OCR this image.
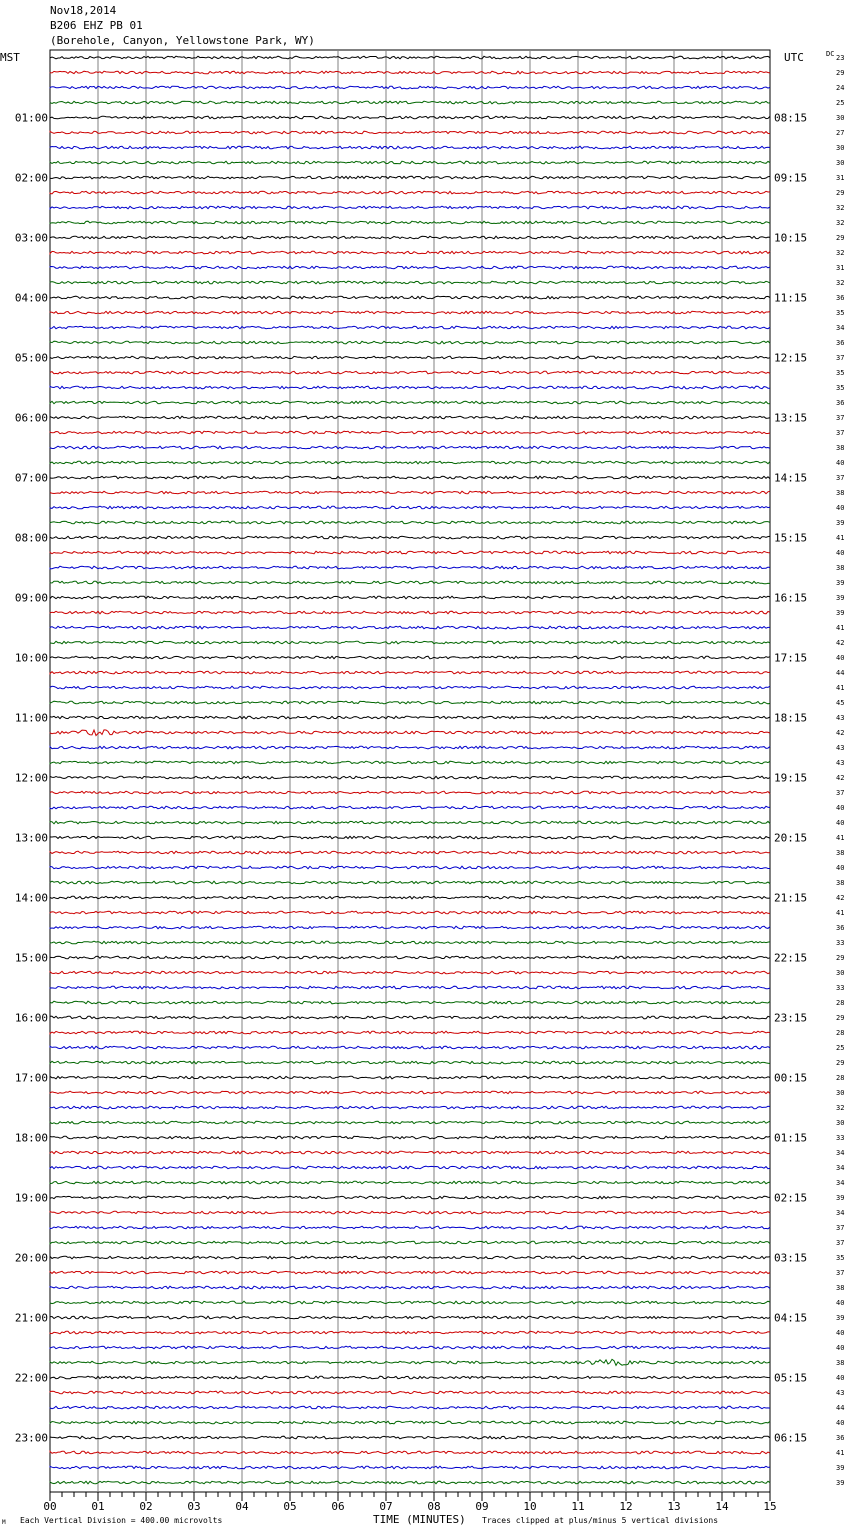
Nov18,2014
B206 EHZ PB 01
(Borehole, Canyon, Yellowstone Park, WY)
00	01	02	03	04	05	06	07	08	09	10	11	12	13	14	15
23
29
24
25
30
27
30
30
31
29
32
32
29
32
31
32
36
35
34
36
37
35
35
36
37
37
38
40
37
38
40
39
41
40
38
39
39
39
41
42
40
44
41
45
43
42
43
43
42
37
40
40
41
38
40
38
42
41
36
33
29
30
33
28
29
28
25
29
28
30
32
30
33
34
34
34
39
34
37
37
35
37
38
40
39
40
40
38
40
43
44
40
36
41
39
39
01:00
02:00
03:00
04:00
05:00
06:00
07:00
08:00
09:00
10:00
11:00
12:00
13:00
14:00
15:00
16:00
17:00
18:00
19:00
20:00
21:00
22:00
23:00
08:15
09:15
10:15
11:15
12:15
13:15
14:15
15:15
16:15
17:15
18:15
19:15
20:15
21:15
22:15
23:15
00:15
01:15
02:15
03:15
04:15
05:15
06:15
MST	UTC	DC
M Each Vertical Division = 400.00 microvolts	TIME (MINUTES) Traces clipped at plus/minus 5 vertical divisions
